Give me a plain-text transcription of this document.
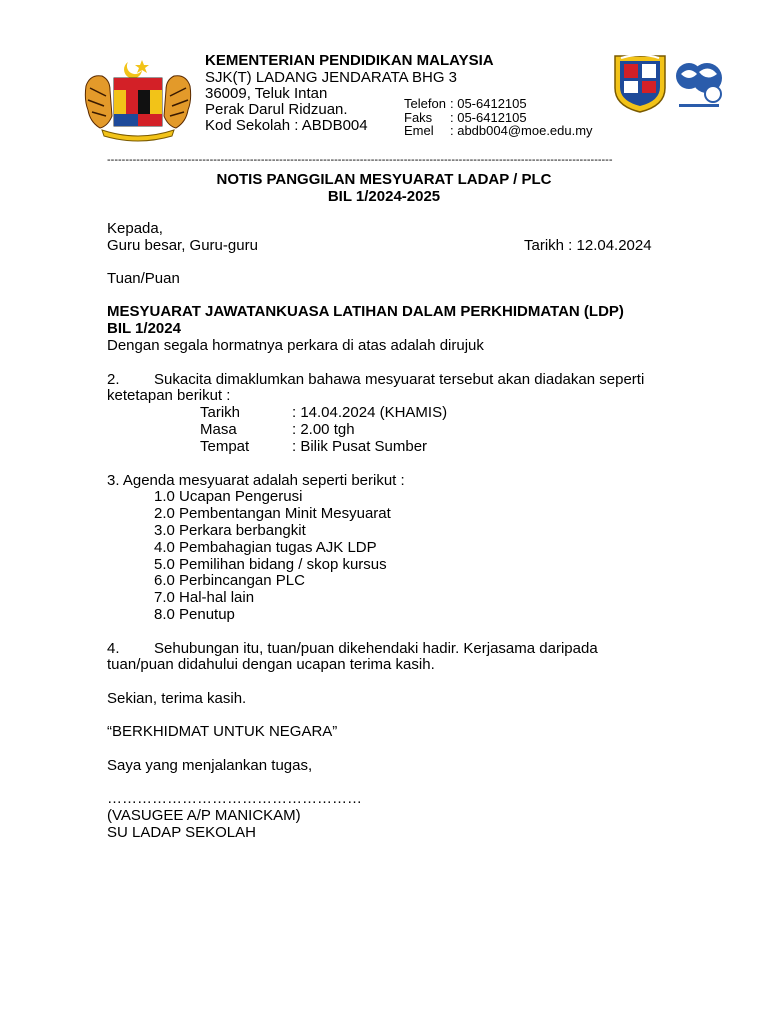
KEMENTERIAN PENDIDIKAN MALAYSIA
SJK(T) LADANG JENDARATA BHG 3
36009, Teluk Intan
Perak Darul Ridzuan.
Kod Sekolah : ABDB004
Telefon : 05-6412105
Faks : 05-6412105
Emel : abdb004@moe.edu.my
------------------------------------------------------------------------------------------------------------------------------------------
NOTIS PANGGILAN MESYUARAT LADAP / PLC
BIL 1/2024-2025
Kepada,
Guru besar, Guru-guru	Tarikh : 12.04.2024
Tuan/Puan
MESYUARAT JAWATANKUASA LATIHAN DALAM PERKHIDMATAN (LDP)
BIL 1/2024
Dengan segala hormatnya perkara di atas adalah dirujuk
2. Sukacita dimaklumkan bahawa mesyuarat tersebut akan diadakan seperti
ketetapan berikut :
Tarikh	: 14.04.2024 (KHAMIS)
Masa	: 2.00 tgh
Tempat	: Bilik Pusat Sumber
3. Agenda mesyuarat adalah seperti berikut :
1.0 Ucapan Pengerusi
2.0 Pembentangan Minit Mesyuarat
3.0 Perkara berbangkit
4.0 Pembahagian tugas AJK LDP
5.0 Pemilihan bidang / skop kursus
6.0 Perbincangan PLC
7.0 Hal-hal lain
8.0 Penutup
4. Sehubungan itu, tuan/puan dikehendaki hadir. Kerjasama daripada
tuan/puan didahului dengan ucapan terima kasih.
Sekian, terima kasih.
“BERKHIDMAT UNTUK NEGARA”
Saya yang menjalankan tugas,
……………………………………………
(VASUGEE A/P MANICKAM)
SU LADAP SEKOLAH
